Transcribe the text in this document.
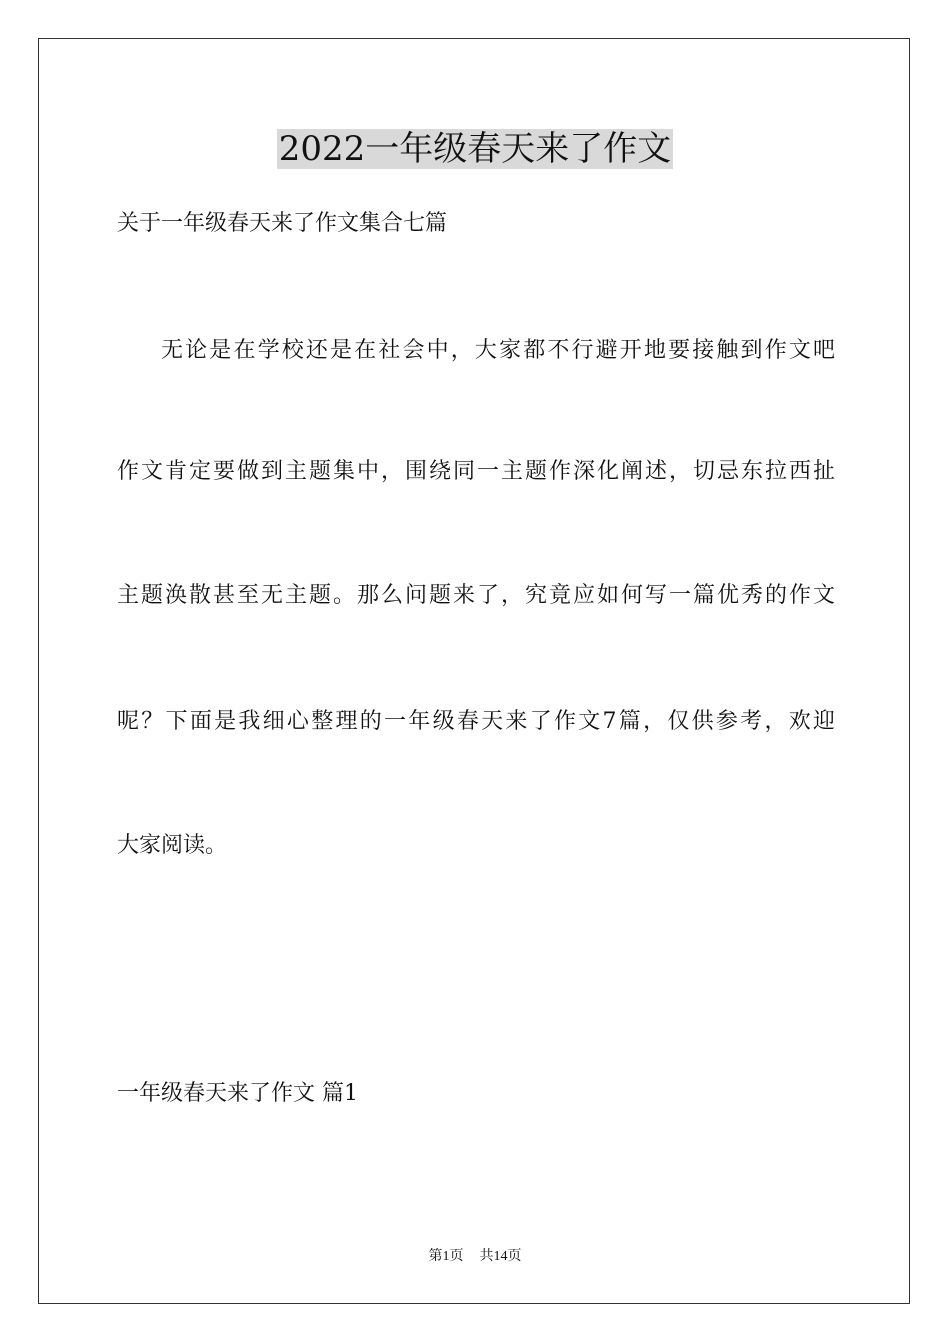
2022一年级春天来了作文
关于一年级春天来了作文集合七篇
无论是在学校还是在社会中，大家都不行避开地要接触到作文吧
作文肯定要做到主题集中，围绕同一主题作深化阐述，切忌东拉西扯
主题涣散甚至无主题。那么问题来了，究竟应如何写一篇优秀的作文
呢？下面是我细心整理的一年级春天来了作文7篇，仅供参考，欢迎
大家阅读。
一年级春天来了作文 篇1
第1页 共14页
